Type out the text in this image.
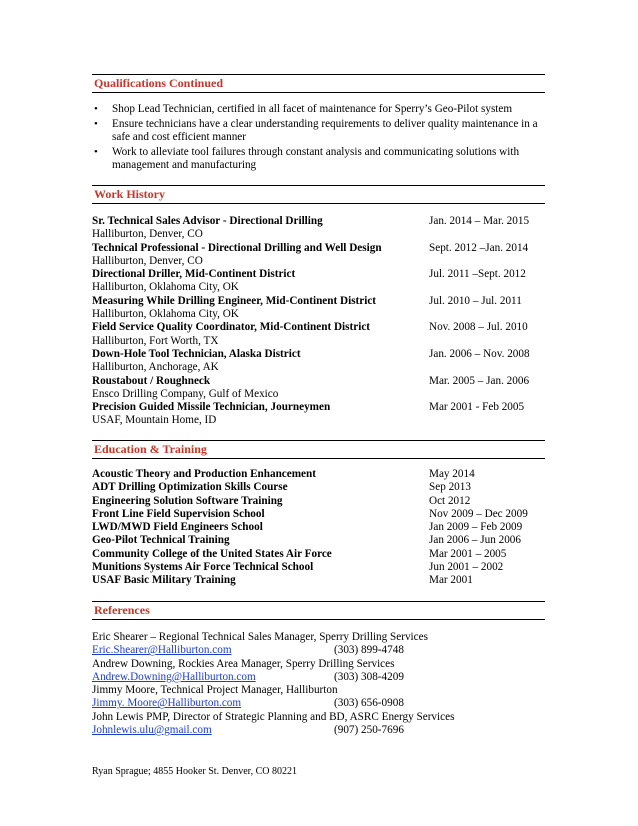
Qualifications Continued
• Shop Lead Technician, certified in all facet of maintenance for Sperry’s Geo-Pilot system
• Ensure technicians have a clear understanding requirements to deliver quality maintenance in a safe and cost efficient manner
• Work to alleviate tool failures through constant analysis and communicating solutions with management and manufacturing
Work History
Sr. Technical Sales Advisor - Directional Drilling	Jan. 2014 – Mar. 2015
Halliburton, Denver, CO
Technical Professional - Directional Drilling and Well Design	Sept. 2012 –Jan. 2014
Halliburton, Denver, CO
Directional Driller, Mid-Continent District	Jul. 2011 –Sept. 2012
Halliburton, Oklahoma City, OK
Measuring While Drilling Engineer, Mid-Continent District	Jul. 2010 – Jul. 2011
Halliburton, Oklahoma City, OK
Field Service Quality Coordinator, Mid-Continent District	Nov. 2008 – Jul. 2010
Halliburton, Fort Worth, TX
Down-Hole Tool Technician, Alaska District	Jan. 2006 – Nov. 2008
Halliburton, Anchorage, AK
Roustabout / Roughneck	Mar. 2005 – Jan. 2006
Ensco Drilling Company, Gulf of Mexico
Precision Guided Missile Technician, Journeymen	Mar 2001 - Feb 2005
USAF, Mountain Home, ID
Education & Training
Acoustic Theory and Production Enhancement	May 2014
ADT Drilling Optimization Skills Course	Sep 2013
Engineering Solution Software Training	Oct 2012
Front Line Field Supervision School	Nov 2009 – Dec 2009
LWD/MWD Field Engineers School	Jan 2009 – Feb 2009
Geo-Pilot Technical Training	Jan 2006 – Jun 2006
Community College of the United States Air Force	Mar 2001 – 2005
Munitions Systems Air Force Technical School	Jun 2001 – 2002
USAF Basic Military Training	Mar 2001
References
Eric Shearer – Regional Technical Sales Manager, Sperry Drilling Services
Eric.Shearer@Halliburton.com	(303) 899-4748
Andrew Downing, Rockies Area Manager, Sperry Drilling Services
Andrew.Downing@Halliburton.com	(303) 308-4209
Jimmy Moore, Technical Project Manager, Halliburton
Jimmy. Moore@Halliburton.com	(303) 656-0908
John Lewis PMP, Director of Strategic Planning and BD, ASRC Energy Services
Johnlewis.ulu@gmail.com	(907) 250-7696
Ryan Sprague; 4855 Hooker St. Denver, CO 80221
